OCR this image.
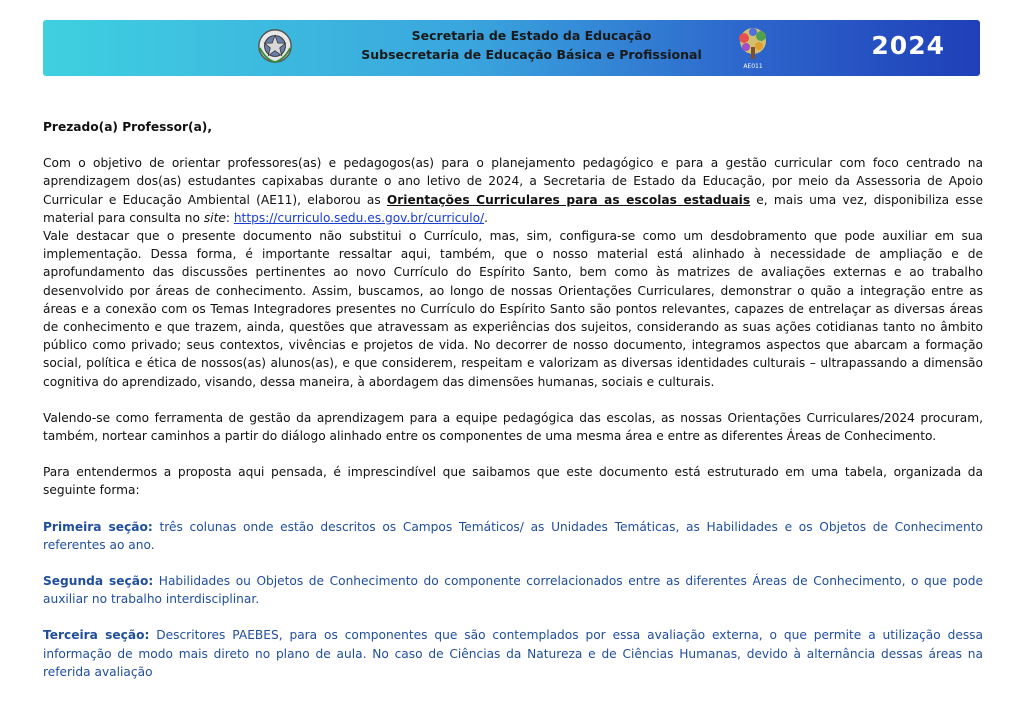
Secretaria de Estado da Educação
Subsecretaria de Educação Básica e Profissional
AE011
2024

Prezado(a) Professor(a),

Com o objetivo de orientar professores(as) e pedagogos(as) para o planejamento pedagógico e para a gestão curricular com foco centrado na aprendizagem dos(as) estudantes capixabas durante o ano letivo de 2024, a Secretaria de Estado da Educação, por meio da Assessoria de Apoio Curricular e Educação Ambiental (AE11), elaborou as Orientações Curriculares para as escolas estaduais e, mais uma vez, disponibiliza esse material para consulta no site: https://curriculo.sedu.es.gov.br/curriculo/.

Vale destacar que o presente documento não substitui o Currículo, mas, sim, configura-se como um desdobramento que pode auxiliar em sua implementação. Dessa forma, é importante ressaltar aqui, também, que o nosso material está alinhado à necessidade de ampliação e de aprofundamento das discussões pertinentes ao novo Currículo do Espírito Santo, bem como às matrizes de avaliações externas e ao trabalho desenvolvido por áreas de conhecimento. Assim, buscamos, ao longo de nossas Orientações Curriculares, demonstrar o quão a integração entre as áreas e a conexão com os Temas Integradores presentes no Currículo do Espírito Santo são pontos relevantes, capazes de entrelaçar as diversas áreas de conhecimento e que trazem, ainda, questões que atravessam as experiências dos sujeitos, considerando as suas ações cotidianas tanto no âmbito público como privado; seus contextos, vivências e projetos de vida. No decorrer de nosso documento, integramos aspectos que abarcam a formação social, política e ética de nossos(as) alunos(as), e que considerem, respeitam e valorizam as diversas identidades culturais – ultrapassando a dimensão cognitiva do aprendizado, visando, dessa maneira, à abordagem das dimensões humanas, sociais e culturais.

Valendo-se como ferramenta de gestão da aprendizagem para a equipe pedagógica das escolas, as nossas Orientações Curriculares/2024 procuram, também, nortear caminhos a partir do diálogo alinhado entre os componentes de uma mesma área e entre as diferentes Áreas de Conhecimento.

Para entendermos a proposta aqui pensada, é imprescindível que saibamos que este documento está estruturado em uma tabela, organizada da seguinte forma:

Primeira seção: três colunas onde estão descritos os Campos Temáticos/ as Unidades Temáticas, as Habilidades e os Objetos de Conhecimento referentes ao ano.

Segunda seção: Habilidades ou Objetos de Conhecimento do componente correlacionados entre as diferentes Áreas de Conhecimento, o que pode auxiliar no trabalho interdisciplinar.

Terceira seção: Descritores PAEBES, para os componentes que são contemplados por essa avaliação externa, o que permite a utilização dessa informação de modo mais direto no plano de aula. No caso de Ciências da Natureza e de Ciências Humanas, devido à alternância dessas áreas na referida avaliação
